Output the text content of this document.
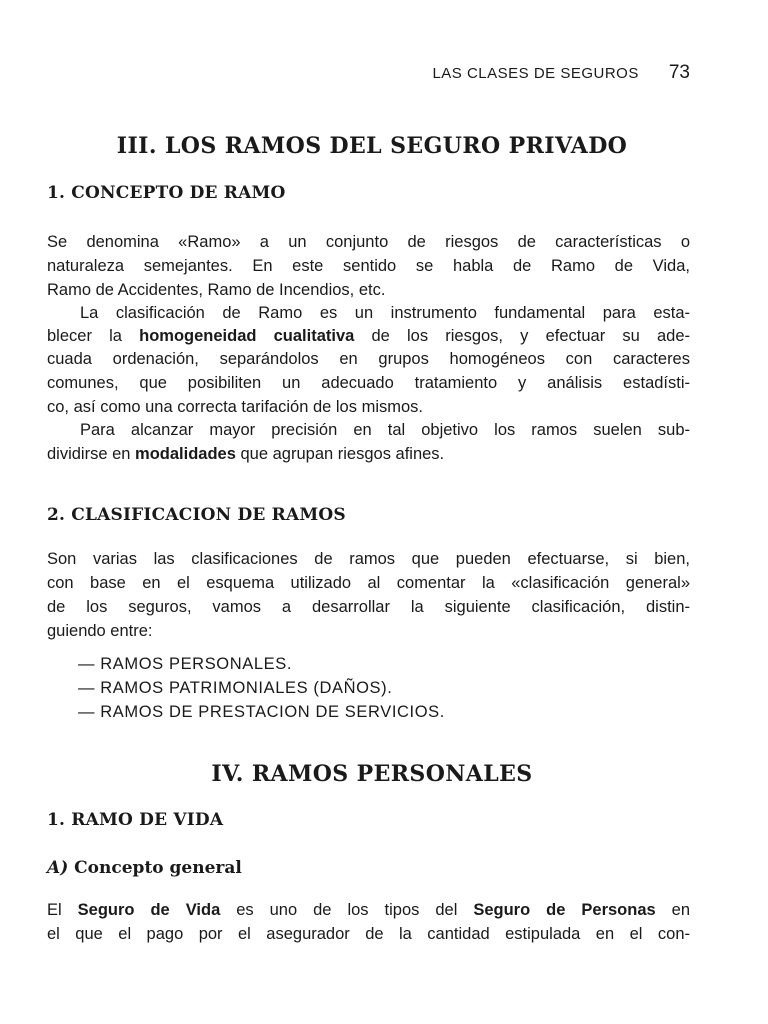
LAS CLASES DE SEGUROS 73
III. LOS RAMOS DEL SEGURO PRIVADO
1. CONCEPTO DE RAMO
Se denomina «Ramo» a un conjunto de riesgos de características o
naturaleza semejantes. En este sentido se habla de Ramo de Vida,
Ramo de Accidentes, Ramo de Incendios, etc.
La clasificación de Ramo es un instrumento fundamental para esta-
blecer la homogeneidad cualitativa de los riesgos, y efectuar su ade-
cuada ordenación, separándolos en grupos homogéneos con caracteres
comunes, que posibiliten un adecuado tratamiento y análisis estadísti-
co, así como una correcta tarifación de los mismos.
Para alcanzar mayor precisión en tal objetivo los ramos suelen sub-
dividirse en modalidades que agrupan riesgos afines.
2. CLASIFICACION DE RAMOS
Son varias las clasificaciones de ramos que pueden efectuarse, si bien,
con base en el esquema utilizado al comentar la «clasificación general»
de los seguros, vamos a desarrollar la siguiente clasificación, distin-
guiendo entre:
— RAMOS PERSONALES.
— RAMOS PATRIMONIALES (DAÑOS).
— RAMOS DE PRESTACION DE SERVICIOS.
IV. RAMOS PERSONALES
1. RAMO DE VIDA
A) Concepto general
El Seguro de Vida es uno de los tipos del Seguro de Personas en
el que el pago por el asegurador de la cantidad estipulada en el con-
